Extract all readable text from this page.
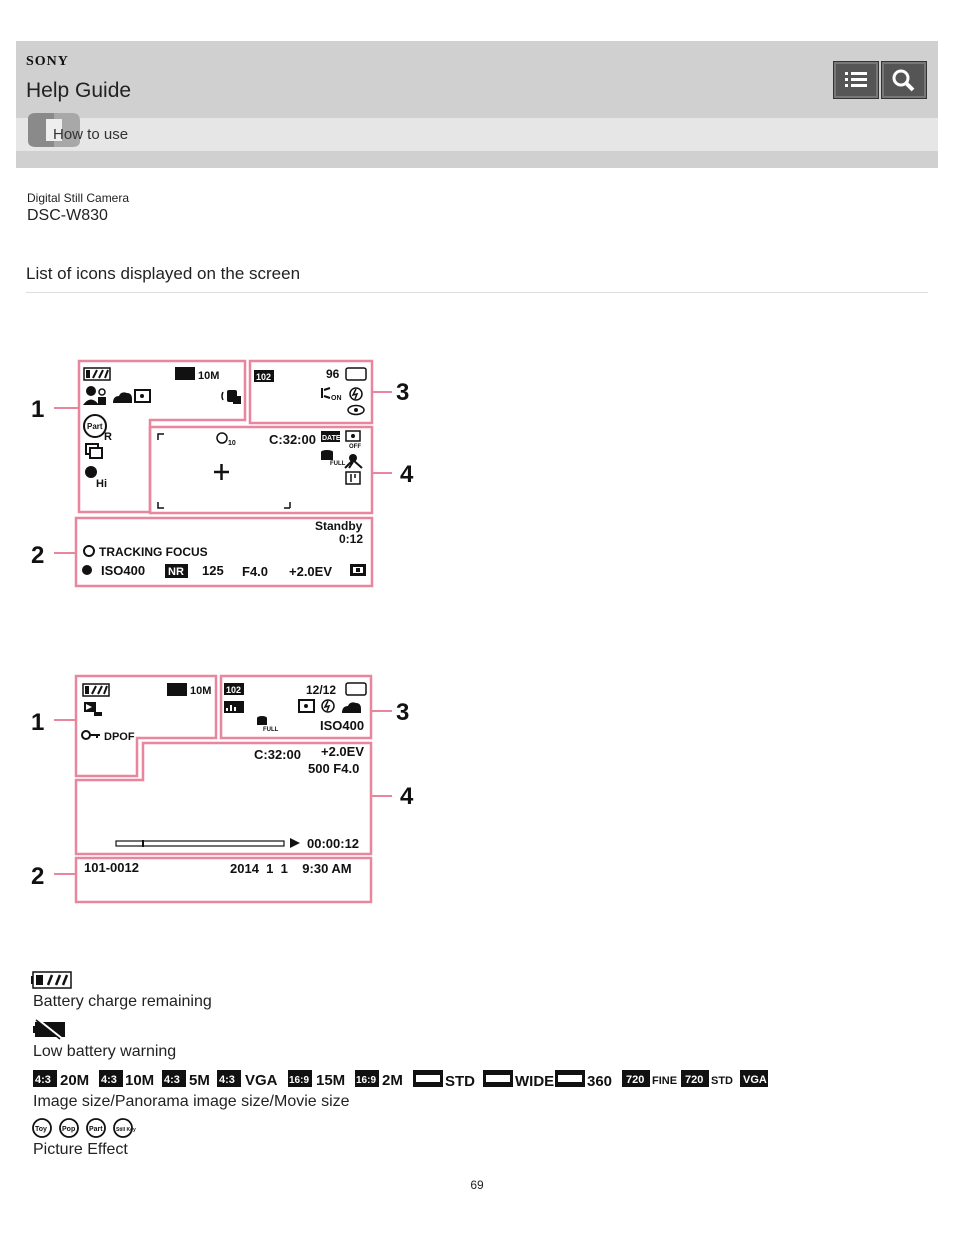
SONY
Help Guide
How to use
Digital Still Camera
DSC-W830
List of icons displayed on the screen
1
2
3
4
10M
Part
R
Hi
102	96
ON
10	C:32:00 DATE
OFF
FULL
Standby
0:12
TRACKING FOCUS
ISO400 NR 125 F4.0 +2.0EV
1
2
3
4
10M
DPOF
102	12/12
FULL	ISO400
C:32:00 +2.0EV
500 F4.0
00:00:12
101-0012	2014  1  1    9:30 AM
4:3 20M 4:3 10M 4:3 5M 4:3 VGA 16:9 15M 16:9 2M	STD	WIDE 360 720 FINE 720 STD VGA
Toy Pop Part	Still Key
Battery charge remaining
Low battery warning
Image size/Panorama image size/Movie size
Picture Effect
69
